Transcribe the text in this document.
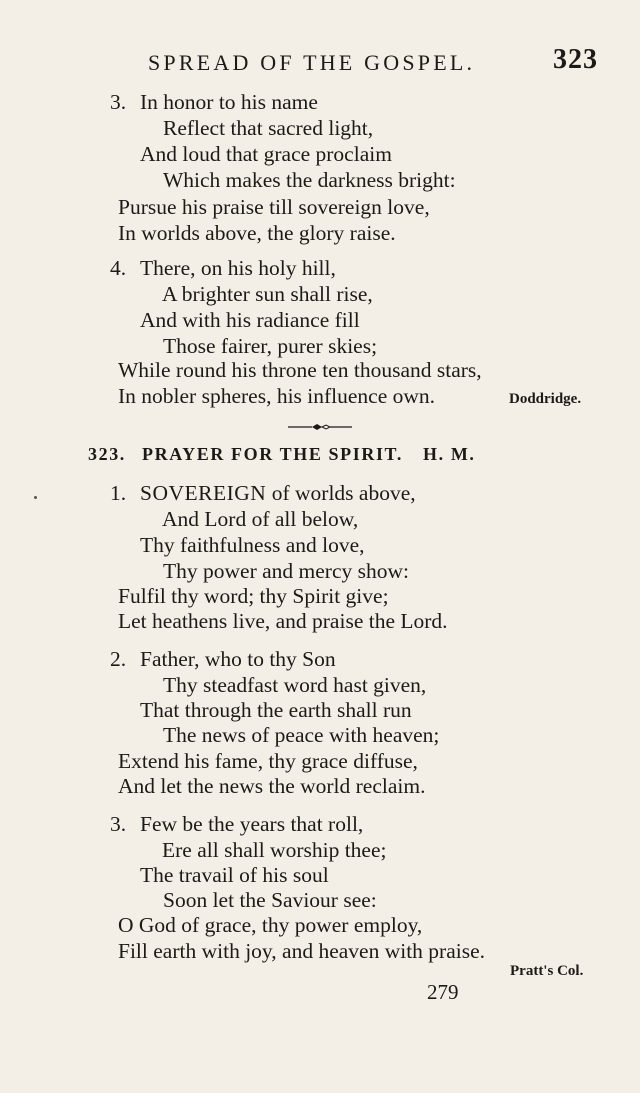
SPREAD OF THE GOSPEL.	323
3. In honor to his name
Reflect that sacred light,
And loud that grace proclaim
Which makes the darkness bright:
Pursue his praise till sovereign love,
In worlds above, the glory raise.
4. There, on his holy hill,
A brighter sun shall rise,
And with his radiance fill
Those fairer, purer skies;
While round his throne ten thousand stars,
In nobler spheres, his influence own.	Doddridge.
323. PRAYER FOR THE SPIRIT. H. M.
1. SOVEREIGN of worlds above,
And Lord of all below,
Thy faithfulness and love,
Thy power and mercy show:
Fulfil thy word; thy Spirit give;
Let heathens live, and praise the Lord.
2. Father, who to thy Son
Thy steadfast word hast given,
That through the earth shall run
The news of peace with heaven;
Extend his fame, thy grace diffuse,
And let the news the world reclaim.
3. Few be the years that roll,
Ere all shall worship thee;
The travail of his soul
Soon let the Saviour see:
O God of grace, thy power employ,
Fill earth with joy, and heaven with praise.
Pratt's Col.
279
